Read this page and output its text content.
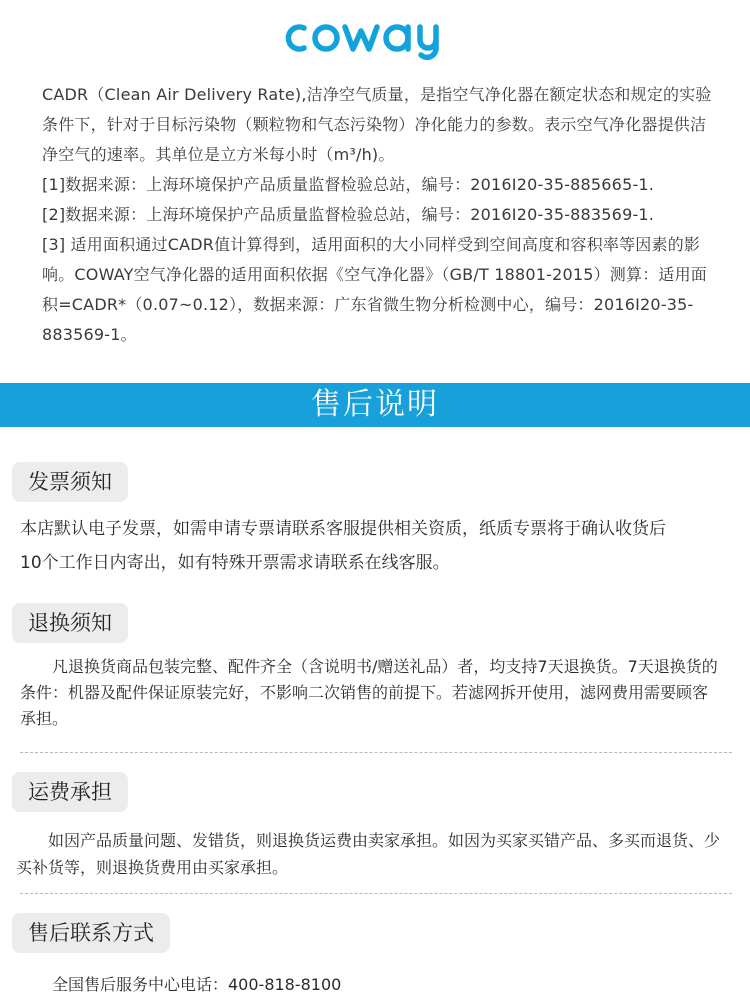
CADR（Clean Air Delivery Rate),洁净空气质量，是指空气净化器在额定状态和规定的实验条件下，针对于目标污染物（颗粒物和气态污染物）净化能力的参数。表示空气净化器提供洁净空气的速率。其单位是立方米每小时（m³/h)。

[1]数据来源：上海环境保护产品质量监督检验总站，编号：2016I20-35-885665-1.

[2]数据来源：上海环境保护产品质量监督检验总站，编号：2016I20-35-883569-1.

[3] 适用面积通过CADR值计算得到，适用面积的大小同样受到空间高度和容积率等因素的影响。COWAY空气净化器的适用面积依据《空气净化器》（GB/T 18801-2015）测算：适用面积=CADR*（0.07~0.12），数据来源：广东省微生物分析检测中心，编号：2016I20-35-883569-1。

售后说明
发票须知

本店默认电子发票，如需申请专票请联系客服提供相关资质，纸质专票将于确认收货后10个工作日内寄出，如有特殊开票需求请联系在线客服。

退换须知

凡退换货商品包装完整、配件齐全（含说明书/赠送礼品）者，均支持7天退换货。7天退换货的条件：机器及配件保证原装完好，不影响二次销售的前提下。若滤网拆开使用，滤网费用需要顾客承担。

运费承担

如因产品质量问题、发错货，则退换货运费由卖家承担。如因为买家买错产品、多买而退货、少买补货等，则退换货费用由买家承担。

售后联系方式

全国售后服务中心电话：400-818-8100
